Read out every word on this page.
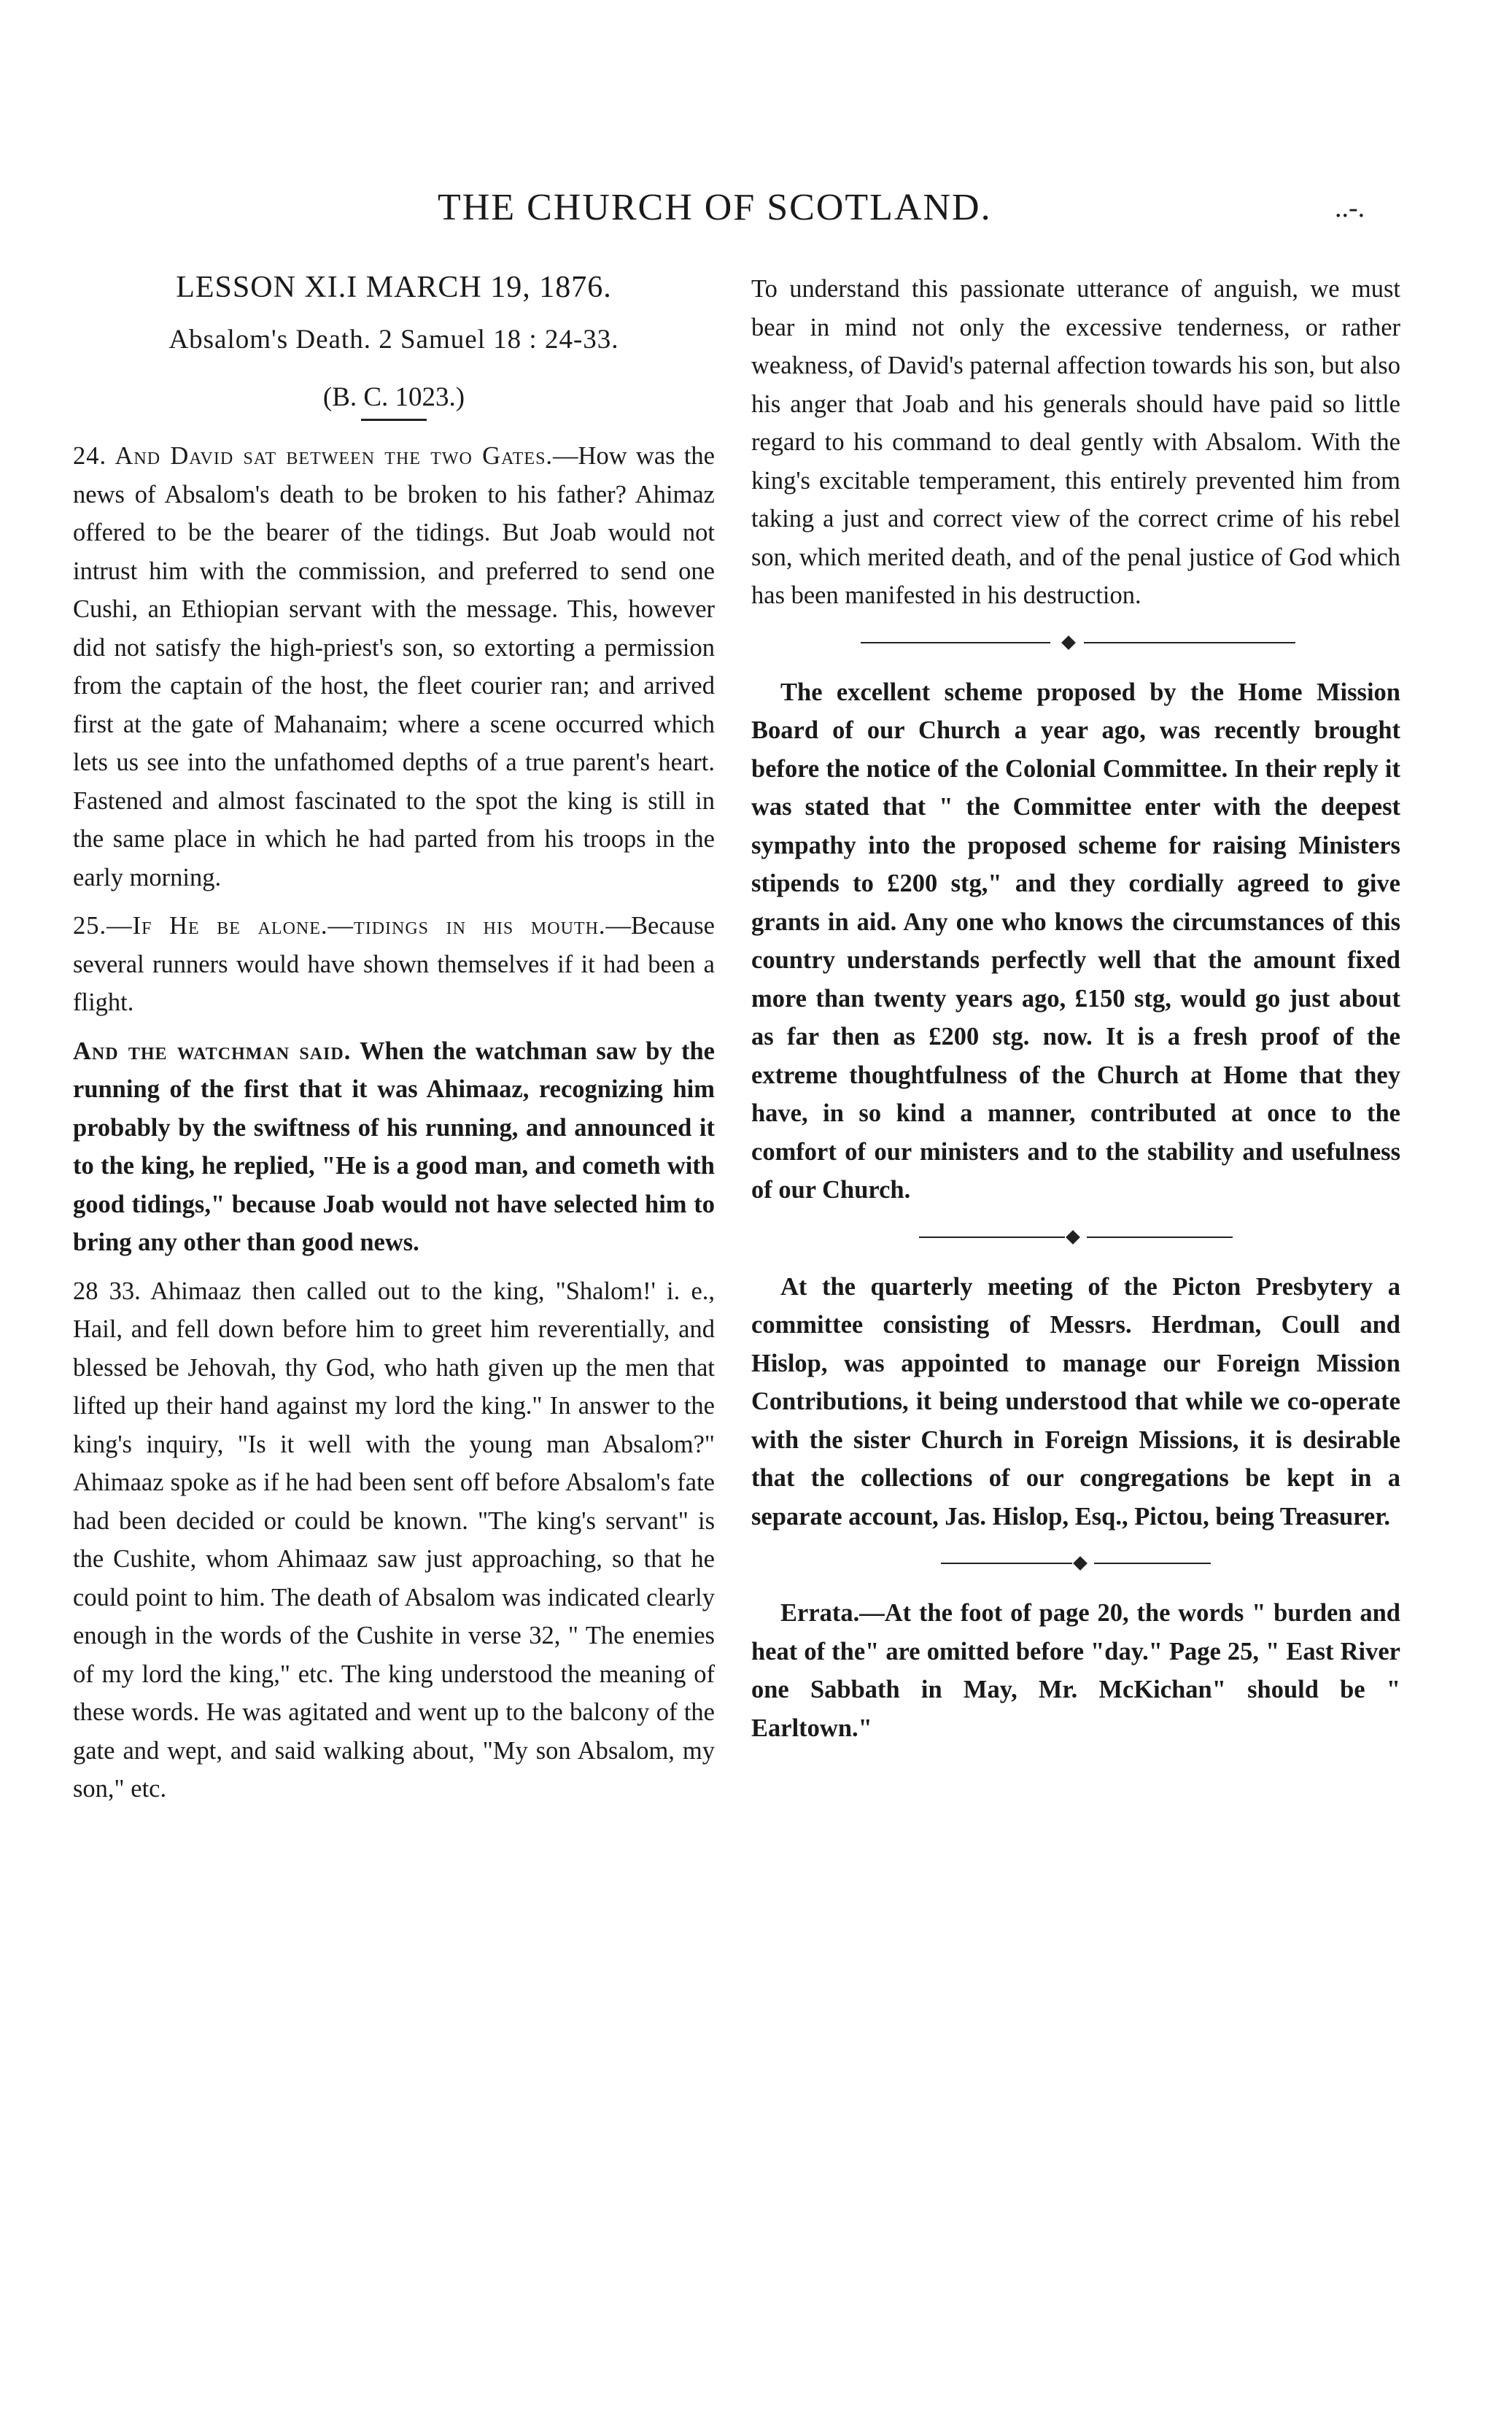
THE CHURCH OF SCOTLAND.	..-.
LESSON XI.I MARCH 19, 1876.
Absalom's Death. 2 Samuel 18 : 24-33.
(B. C. 1023.)

24. And David sat between the two Gates.—How was the news of Absalom's death to be broken to his father? Ahimaz offered to be the bearer of the tidings. But Joab would not intrust him with the commission, and preferred to send one Cushi, an Ethiopian servant with the message. This, however did not satisfy the high-priest's son, so extorting a permission from the captain of the host, the fleet courier ran; and arrived first at the gate of Mahanaim; where a scene occurred which lets us see into the unfathomed depths of a true parent's heart. Fastened and almost fascinated to the spot the king is still in the same place in which he had parted from his troops in the early morning.

25.—If He be alone.—tidings in his mouth.—Because several runners would have shown themselves if it had been a flight.

And the watchman said. When the watchman saw by the running of the first that it was Ahimaaz, recognizing him probably by the swiftness of his running, and announced it to the king, he replied, "He is a good man, and cometh with good tidings," because Joab would not have selected him to bring any other than good news.

28 33. Ahimaaz then called out to the king, "Shalom!' i. e., Hail, and fell down before him to greet him reverentially, and blessed be Jehovah, thy God, who hath given up the men that lifted up their hand against my lord the king." In answer to the king's inquiry, "Is it well with the young man Absalom?" Ahimaaz spoke as if he had been sent off before Absalom's fate had been decided or could be known. "The king's servant" is the Cushite, whom Ahimaaz saw just approaching, so that he could point to him. The death of Absalom was indicated clearly enough in the words of the Cushite in verse 32, " The enemies of my lord the king," etc. The king understood the meaning of these words. He was agitated and went up to the balcony of the gate and wept, and said walking about, "My son Absalom, my son," etc.

To understand this passionate utterance of anguish, we must bear in mind not only the excessive tenderness, or rather weakness, of David's paternal affection towards his son, but also his anger that Joab and his generals should have paid so little regard to his command to deal gently with Absalom. With the king's excitable temperament, this entirely prevented him from taking a just and correct view of the correct crime of his rebel son, which merited death, and of the penal justice of God which has been manifested in his destruction.

The excellent scheme proposed by the Home Mission Board of our Church a year ago, was recently brought before the notice of the Colonial Committee. In their reply it was stated that " the Committee enter with the deepest sympathy into the proposed scheme for raising Ministers stipends to £200 stg," and they cordially agreed to give grants in aid. Any one who knows the circumstances of this country understands perfectly well that the amount fixed more than twenty years ago, £150 stg, would go just about as far then as £200 stg. now. It is a fresh proof of the extreme thoughtfulness of the Church at Home that they have, in so kind a manner, contributed at once to the comfort of our ministers and to the stability and usefulness of our Church.

At the quarterly meeting of the Picton Presbytery a committee consisting of Messrs. Herdman, Coull and Hislop, was appointed to manage our Foreign Mission Contributions, it being understood that while we co-operate with the sister Church in Foreign Missions, it is desirable that the collections of our congregations be kept in a separate account, Jas. Hislop, Esq., Pictou, being Treasurer.

Errata.—At the foot of page 20, the words " burden and heat of the" are omitted before "day." Page 25, " East River one Sabbath in May, Mr. McKichan" should be " Earltown."
